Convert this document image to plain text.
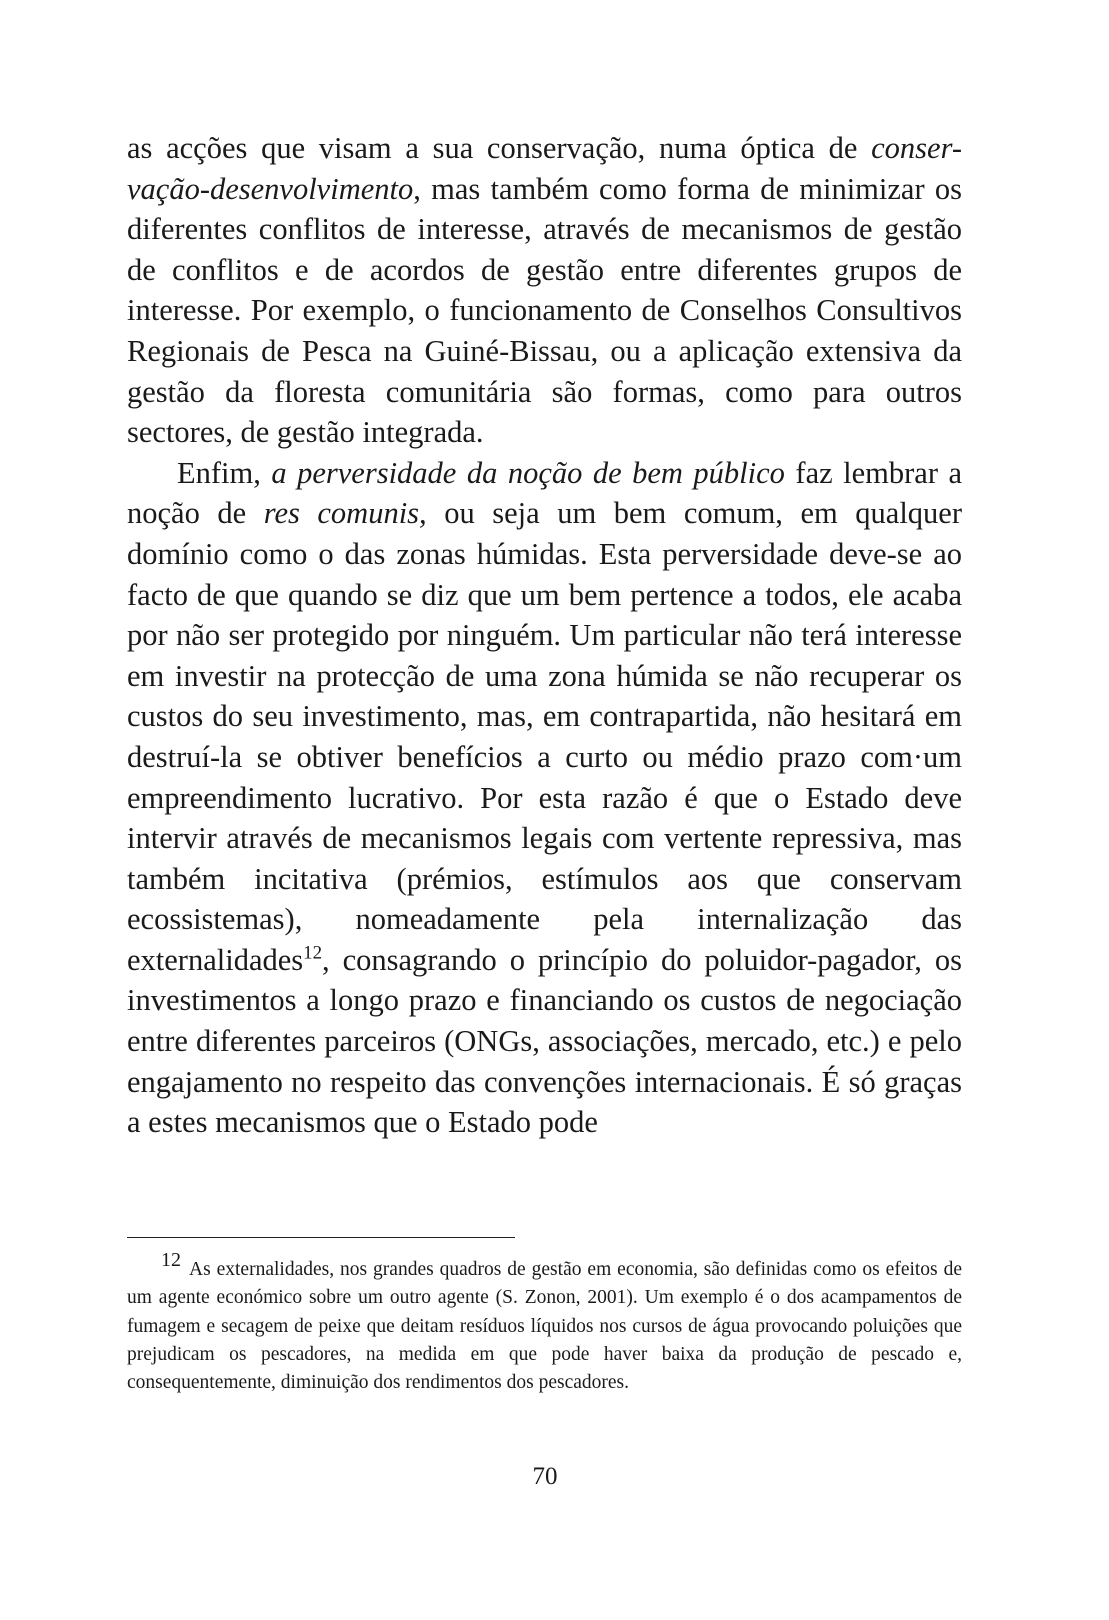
as acções que visam a sua conservação, numa óptica de conser-vação-desenvolvimento, mas também como forma de minimizar os diferentes conflitos de interesse, através de mecanismos de gestão de conflitos e de acordos de gestão entre diferentes grupos de interesse. Por exemplo, o funcionamento de Conselhos Consultivos Regionais de Pesca na Guiné-Bissau, ou a aplicação extensiva da gestão da floresta comunitária são formas, como para outros sectores, de gestão integrada.

Enfim, a perversidade da noção de bem público faz lembrar a noção de res comunis, ou seja um bem comum, em qualquer domínio como o das zonas húmidas. Esta perversidade deve-se ao facto de que quando se diz que um bem pertence a todos, ele acaba por não ser protegido por ninguém. Um particular não terá interesse em investir na protecção de uma zona húmida se não recuperar os custos do seu investimento, mas, em contrapartida, não hesitará em destruí-la se obtiver benefícios a curto ou médio prazo com·um empreendimento lucrativo. Por esta razão é que o Estado deve intervir através de mecanismos legais com vertente repressiva, mas também incitativa (prémios, estímulos aos que conservam ecossistemas), nomeadamente pela internalização das externalidades$^{12}$, consagrando o princípio do poluidor-pagador, os investimentos a longo prazo e financiando os custos de negociação entre diferentes parceiros (ONGs, associações, mercado, etc.) e pelo engajamento no respeito das convenções internacionais. É só graças a estes mecanismos que o Estado pode

12 As externalidades, nos grandes quadros de gestão em economia, são definidas como os efeitos de um agente económico sobre um outro agente (S. Zonon, 2001). Um exemplo é o dos acampamentos de fumagem e secagem de peixe que deitam resíduos líquidos nos cursos de água provocando poluições que prejudicam os pescadores, na medida em que pode haver baixa da produção de pescado e, consequentemente, diminuição dos rendimentos dos pescadores.

70
